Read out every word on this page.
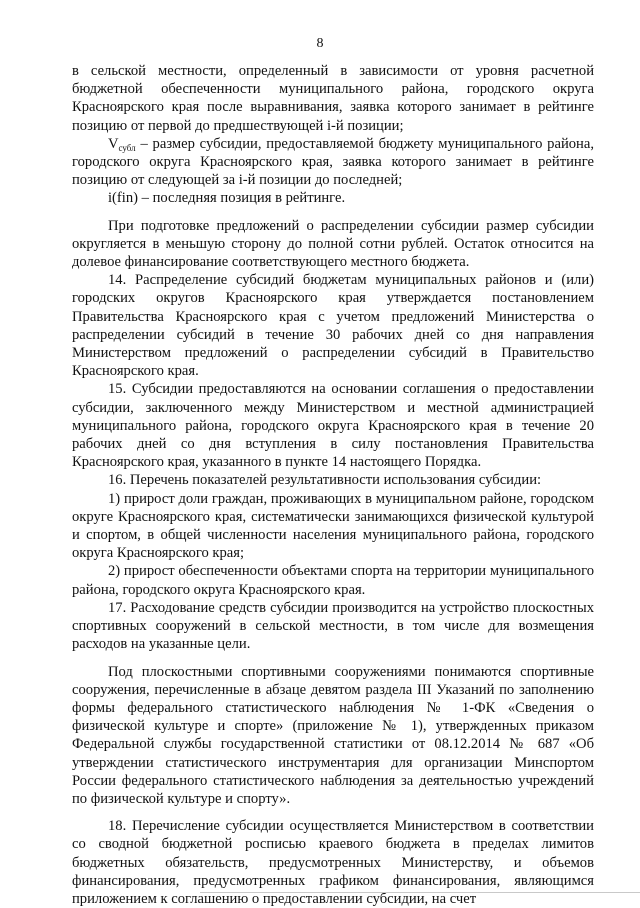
8

в сельской местности, определенный в зависимости от уровня расчетной бюджетной обеспеченности муниципального района, городского округа Красноярского края после выравнивания, заявка которого занимает в рейтинге позицию от первой до предшествующей i-й позиции;

$V_{субл}$ – размер субсидии, предоставляемой бюджету муниципального района, городского округа Красноярского края, заявка которого занимает в рейтинге позицию от следующей за i-й позиции до последней;

i(fin) – последняя позиция в рейтинге.

При подготовке предложений о распределении субсидии размер субсидии округляется в меньшую сторону до полной сотни рублей. Остаток относится на долевое финансирование соответствующего местного бюджета.

14. Распределение субсидий бюджетам муниципальных районов и (или) городских округов Красноярского края утверждается постановлением Правительства Красноярского края с учетом предложений Министерства о распределении субсидий в течение 30 рабочих дней со дня направления Министерством предложений о распределении субсидий в Правительство Красноярского края.

15. Субсидии предоставляются на основании соглашения о предоставлении субсидии, заключенного между Министерством и местной администрацией муниципального района, городского округа Красноярского края в течение 20 рабочих дней со дня вступления в силу постановления Правительства Красноярского края, указанного в пункте 14 настоящего Порядка.

16. Перечень показателей результативности использования субсидии:

1) прирост доли граждан, проживающих в муниципальном районе, городском округе Красноярского края, систематически занимающихся физической культурой и спортом, в общей численности населения муниципального района, городского округа Красноярского края;

2) прирост обеспеченности объектами спорта на территории муниципального района, городского округа Красноярского края.

17. Расходование средств субсидии производится на устройство плоскостных спортивных сооружений в сельской местности, в том числе для возмещения расходов на указанные цели.

Под плоскостными спортивными сооружениями понимаются спортивные сооружения, перечисленные в абзаце девятом раздела III Указаний по заполнению формы федерального статистического наблюдения № 1-ФК «Сведения о физической культуре и спорте» (приложение № 1), утвержденных приказом Федеральной службы государственной статистики от 08.12.2014 № 687 «Об утверждении статистического инструментария для организации Минспортом России федерального статистического наблюдения за деятельностью учреждений по физической культуре и спорту».

18. Перечисление субсидии осуществляется Министерством в соответствии со сводной бюджетной росписью краевого бюджета в пределах лимитов бюджетных обязательств, предусмотренных Министерству, и объемов финансирования, предусмотренных графиком финансирования, являющимся приложением к соглашению о предоставлении субсидии, на счет
